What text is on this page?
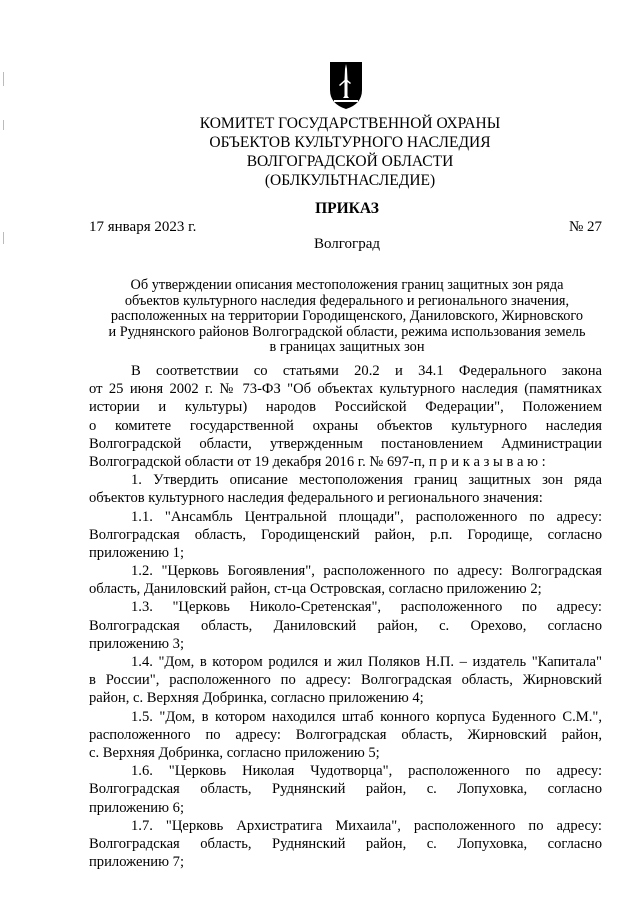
КОМИТЕТ ГОСУДАРСТВЕННОЙ ОХРАНЫ
ОБЪЕКТОВ КУЛЬТУРНОГО НАСЛЕДИЯ
ВОЛГОГРАДСКОЙ ОБЛАСТИ
(ОБЛКУЛЬТНАСЛЕДИЕ)
ПРИКАЗ
17 января 2023 г.	№ 27
Волгоград
Об утверждении описания местоположения границ защитных зон ряда
объектов культурного наследия федерального и регионального значения,
расположенных на территории Городищенского, Даниловского, Жирновского
и Руднянского районов Волгоградской области, режима использования земель
в границах защитных зон
В соответствии со статьями 20.2 и 34.1 Федерального закона
от 25 июня 2002 г. № 73-ФЗ "Об объектах культурного наследия (памятниках
истории и культуры) народов Российской Федерации", Положением
о комитете государственной охраны объектов культурного наследия
Волгоградской области, утвержденным постановлением Администрации
Волгоградской области от 19 декабря 2016 г. № 697-п, п р и к а з ы в а ю :
1. Утвердить описание местоположения границ защитных зон ряда
объектов культурного наследия федерального и регионального значения:
1.1. "Ансамбль Центральной площади", расположенного по адресу:
Волгоградская область, Городищенский район, р.п. Городище, согласно
приложению 1;
1.2. "Церковь Богоявления", расположенного по адресу: Волгоградская
область, Даниловский район, ст-ца Островская, согласно приложению 2;
1.3. "Церковь Николо-Сретенская", расположенного по адресу:
Волгоградская область, Даниловский район, с. Орехово, согласно
приложению 3;
1.4. "Дом, в котором родился и жил Поляков Н.П. – издатель "Капитала"
в России", расположенного по адресу: Волгоградская область, Жирновский
район, с. Верхняя Добринка, согласно приложению 4;
1.5. "Дом, в котором находился штаб конного корпуса Буденного С.М.",
расположенного по адресу: Волгоградская область, Жирновский район,
с. Верхняя Добринка, согласно приложению 5;
1.6. "Церковь Николая Чудотворца", расположенного по адресу:
Волгоградская область, Руднянский район, с. Лопуховка, согласно
приложению 6;
1.7. "Церковь Архистратига Михаила", расположенного по адресу:
Волгоградская область, Руднянский район, с. Лопуховка, согласно
приложению 7;
